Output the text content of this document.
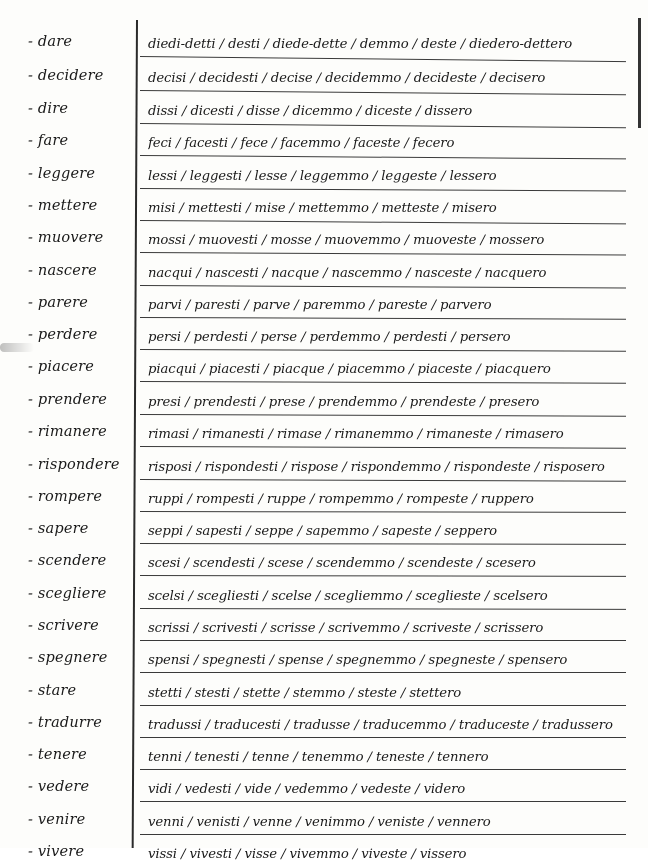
- dare	diedi-detti / desti / diede-dette / demmo / deste / diedero-dettero
- decidere	decisi / decidesti / decise / decidemmo / decideste / decisero
- dire	dissi / dicesti / disse / dicemmo / diceste / dissero
- fare	feci / facesti / fece / facemmo / faceste / fecero
- leggere	lessi / leggesti / lesse / leggemmo / leggeste / lessero
- mettere	misi / mettesti / mise / mettemmo / metteste / misero
- muovere	mossi / muovesti / mosse / muovemmo / muoveste / mossero
- nascere	nacqui / nascesti / nacque / nascemmo / nasceste / nacquero
- parere	parvi / paresti / parve / paremmo / pareste / parvero
- perdere	persi / perdesti / perse / perdemmo / perdesti / persero
- piacere	piacqui / piacesti / piacque / piacemmo / piaceste / piacquero
- prendere	presi / prendesti / prese / prendemmo / prendeste / presero
- rimanere	rimasi / rimanesti / rimase / rimanemmo / rimaneste / rimasero
- rispondere	risposi / rispondesti / rispose / rispondemmo / rispondeste / risposero
- rompere	ruppi / rompesti / ruppe / rompemmo / rompeste / ruppero
- sapere	seppi / sapesti / seppe / sapemmo / sapeste / seppero
- scendere	scesi / scendesti / scese / scendemmo / scendeste / scesero
- scegliere	scelsi / scegliesti / scelse / scegliemmo / sceglieste / scelsero
- scrivere	scrissi / scrivesti / scrisse / scrivemmo / scriveste / scrissero
- spegnere	spensi / spegnesti / spense / spegnemmo / spegneste / spensero
- stare	stetti / stesti / stette / stemmo / steste / stettero
- tradurre	tradussi / traducesti / tradusse / traducemmo / traduceste / tradussero
- tenere	tenni / tenesti / tenne / tenemmo / teneste / tennero
- vedere	vidi / vedesti / vide / vedemmo / vedeste / videro
- venire	venni / venisti / venne / venimmo / veniste / vennero
- vivere	vissi / vivesti / visse / vivemmo / viveste / vissero
